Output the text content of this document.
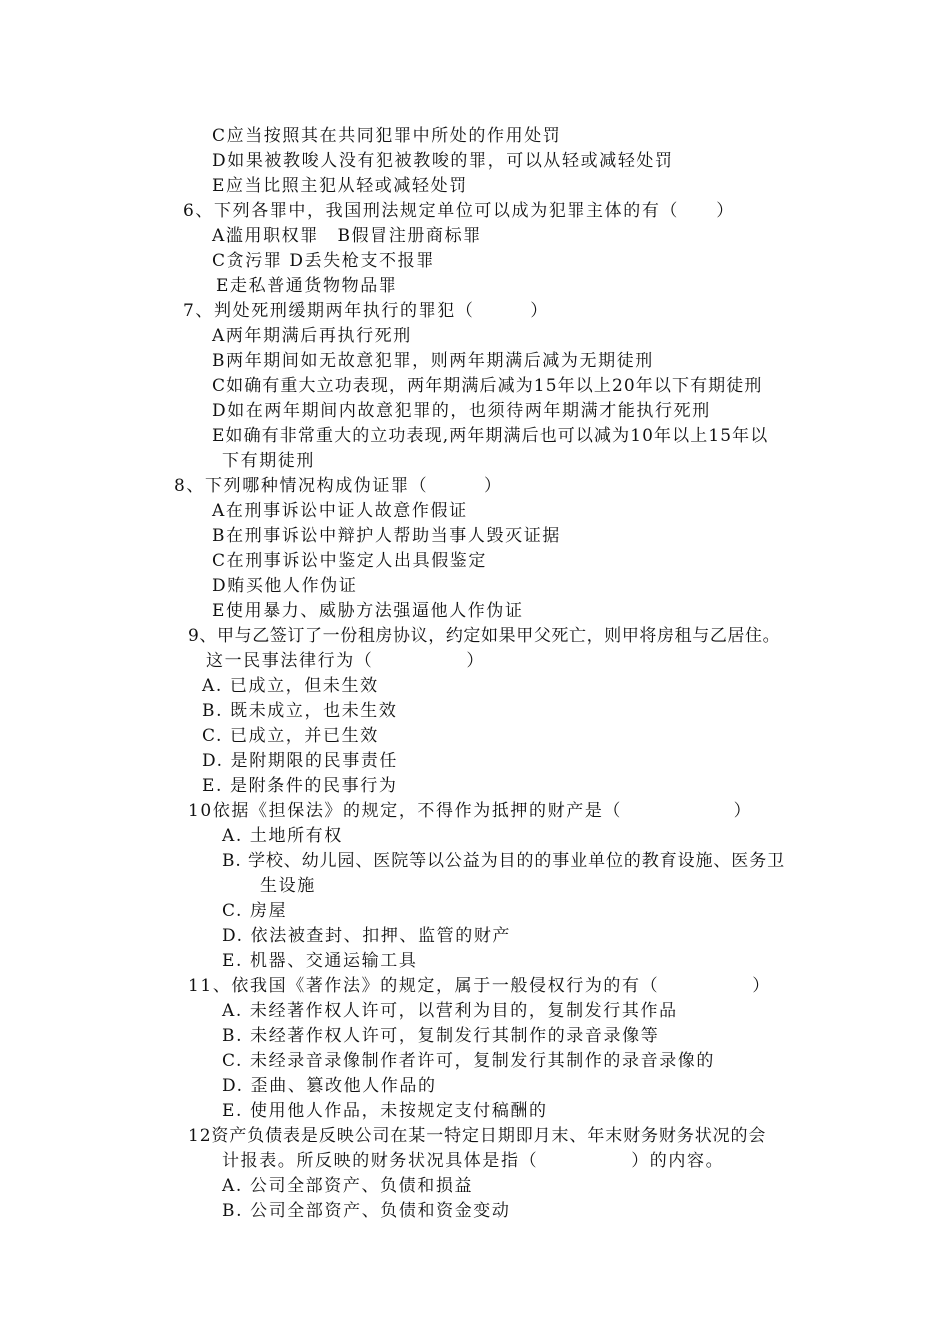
C应当按照其在共同犯罪中所处的作用处罚
D如果被教唆人没有犯被教唆的罪，可以从轻或减轻处罚
E应当比照主犯从轻或减轻处罚
6、下列各罪中，我国刑法规定单位可以成为犯罪主体的有（　　）
A滥用职权罪　B假冒注册商标罪
C贪污罪 D丢失枪支不报罪
E走私普通货物物品罪
7、判处死刑缓期两年执行的罪犯（　　　）
A两年期满后再执行死刑
B两年期间如无故意犯罪，则两年期满后减为无期徒刑
C如确有重大立功表现，两年期满后减为15年以上20年以下有期徒刑
D如在两年期间内故意犯罪的，也须待两年期满才能执行死刑
E如确有非常重大的立功表现,两年期满后也可以减为10年以上15年以
下有期徒刑
8、下列哪种情况构成伪证罪（　　　）
A在刑事诉讼中证人故意作假证
B在刑事诉讼中辩护人帮助当事人毁灭证据
C在刑事诉讼中鉴定人出具假鉴定
D贿买他人作伪证
E使用暴力、威胁方法强逼他人作伪证
9、甲与乙签订了一份租房协议，约定如果甲父死亡，则甲将房租与乙居住。
这一民事法律行为（　　　　　）
A. 已成立，但未生效
B. 既未成立，也未生效
C. 已成立，并已生效
D. 是附期限的民事责任
E. 是附条件的民事行为
10依据《担保法》的规定，不得作为抵押的财产是（　　　　　　）
A. 土地所有权
B. 学校、幼儿园、医院等以公益为目的的事业单位的教育设施、医务卫
生设施
C. 房屋
D. 依法被查封、扣押、监管的财产
E. 机器、交通运输工具
11、依我国《著作法》的规定，属于一般侵权行为的有（　　　　　）
A. 未经著作权人许可，以营利为目的，复制发行其作品
B. 未经著作权人许可，复制发行其制作的录音录像等
C. 未经录音录像制作者许可，复制发行其制作的录音录像的
D. 歪曲、篡改他人作品的
E. 使用他人作品，未按规定支付稿酬的
12资产负债表是反映公司在某一特定日期即月末、年末财务财务状况的会
计报表。所反映的财务状况具体是指（　　　　　）的内容。
A. 公司全部资产、负债和损益
B. 公司全部资产、负债和资金变动
